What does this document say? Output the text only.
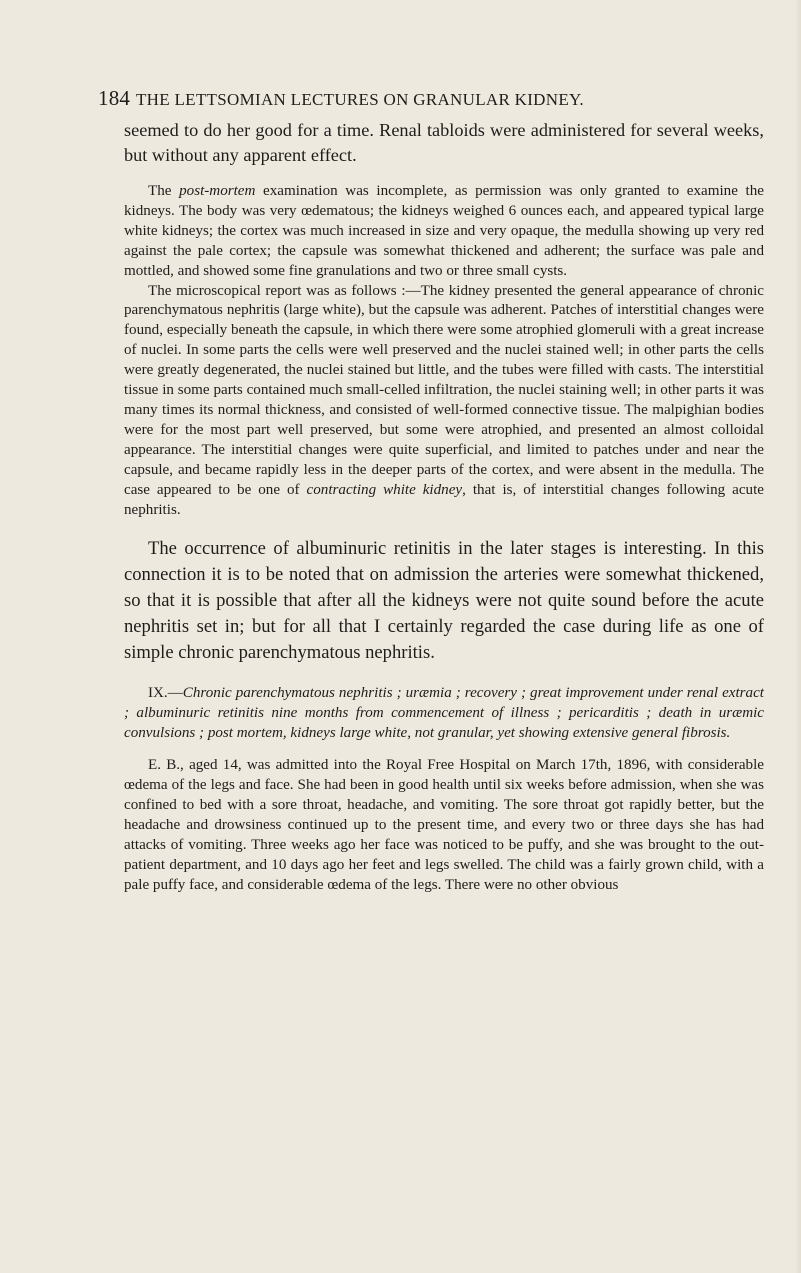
184 THE LETTSOMIAN LECTURES ON GRANULAR KIDNEY.

seemed to do her good for a time. Renal tabloids were administered for several weeks, but without any apparent effect.

The post-mortem examination was incomplete, as permission was only granted to examine the kidneys. The body was very œdematous; the kidneys weighed 6 ounces each, and appeared typical large white kidneys; the cortex was much increased in size and very opaque, the medulla showing up very red against the pale cortex; the capsule was somewhat thickened and adherent; the surface was pale and mottled, and showed some fine granulations and two or three small cysts.

The microscopical report was as follows :—The kidney presented the general appearance of chronic parenchymatous nephritis (large white), but the capsule was adherent. Patches of interstitial changes were found, especially beneath the capsule, in which there were some atrophied glomeruli with a great increase of nuclei. In some parts the cells were well preserved and the nuclei stained well; in other parts the cells were greatly degenerated, the nuclei stained but little, and the tubes were filled with casts. The interstitial tissue in some parts contained much small-celled infiltration, the nuclei staining well; in other parts it was many times its normal thickness, and consisted of well-formed connective tissue. The malpighian bodies were for the most part well preserved, but some were atrophied, and presented an almost colloidal appearance. The interstitial changes were quite superficial, and limited to patches under and near the capsule, and became rapidly less in the deeper parts of the cortex, and were absent in the medulla. The case appeared to be one of contracting white kidney, that is, of interstitial changes following acute nephritis.

The occurrence of albuminuric retinitis in the later stages is interesting. In this connection it is to be noted that on admission the arteries were somewhat thickened, so that it is possible that after all the kidneys were not quite sound before the acute nephritis set in; but for all that I certainly regarded the case during life as one of simple chronic parenchymatous nephritis.

IX.—Chronic parenchymatous nephritis ; uræmia ; recovery ; great improvement under renal extract ; albuminuric retinitis nine months from commencement of illness ; pericarditis ; death in uræmic convulsions ; post mortem, kidneys large white, not granular, yet showing extensive general fibrosis.

E. B., aged 14, was admitted into the Royal Free Hospital on March 17th, 1896, with considerable œdema of the legs and face. She had been in good health until six weeks before admission, when she was confined to bed with a sore throat, headache, and vomiting. The sore throat got rapidly better, but the headache and drowsiness continued up to the present time, and every two or three days she has had attacks of vomiting. Three weeks ago her face was noticed to be puffy, and she was brought to the out-patient department, and 10 days ago her feet and legs swelled. The child was a fairly grown child, with a pale puffy face, and considerable œdema of the legs. There were no other obvious
